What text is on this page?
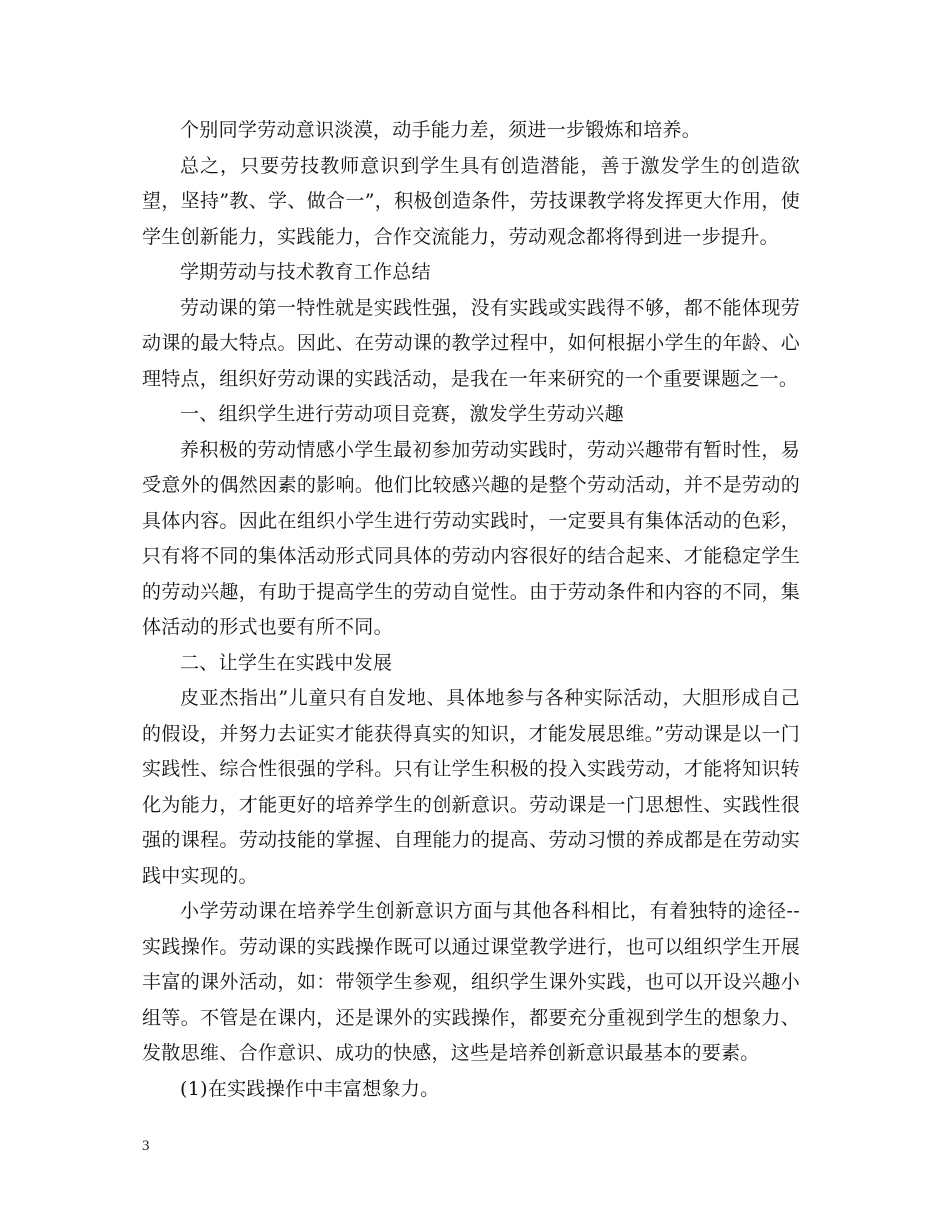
个别同学劳动意识淡漠，动手能力差，须进一步锻炼和培养。

总之，只要劳技教师意识到学生具有创造潜能，善于激发学生的创造欲望，坚持”教、学、做合一”，积极创造条件，劳技课教学将发挥更大作用，使学生创新能力，实践能力，合作交流能力，劳动观念都将得到进一步提升。

学期劳动与技术教育工作总结

劳动课的第一特性就是实践性强，没有实践或实践得不够，都不能体现劳动课的最大特点。因此、在劳动课的教学过程中，如何根据小学生的年龄、心理特点，组织好劳动课的实践活动，是我在一年来研究的一个重要课题之一。

一、组织学生进行劳动项目竞赛，激发学生劳动兴趣

养积极的劳动情感小学生最初参加劳动实践时，劳动兴趣带有暂时性，易受意外的偶然因素的影响。他们比较感兴趣的是整个劳动活动，并不是劳动的具体内容。因此在组织小学生进行劳动实践时，一定要具有集体活动的色彩，只有将不同的集体活动形式同具体的劳动内容很好的结合起来、才能稳定学生的劳动兴趣，有助于提高学生的劳动自觉性。由于劳动条件和内容的不同，集体活动的形式也要有所不同。

二、让学生在实践中发展

皮亚杰指出”儿童只有自发地、具体地参与各种实际活动，大胆形成自己的假设，并努力去证实才能获得真实的知识，才能发展思维。”劳动课是以一门实践性、综合性很强的学科。只有让学生积极的投入实践劳动，才能将知识转化为能力，才能更好的培养学生的创新意识。劳动课是一门思想性、实践性很强的课程。劳动技能的掌握、自理能力的提高、劳动习惯的养成都是在劳动实践中实现的。

小学劳动课在培养学生创新意识方面与其他各科相比，有着独特的途径--实践操作。劳动课的实践操作既可以通过课堂教学进行，也可以组织学生开展丰富的课外活动，如：带领学生参观，组织学生课外实践，也可以开设兴趣小组等。不管是在课内，还是课外的实践操作，都要充分重视到学生的想象力、发散思维、合作意识、成功的快感，这些是培养创新意识最基本的要素。

(1)在实践操作中丰富想象力。

3
